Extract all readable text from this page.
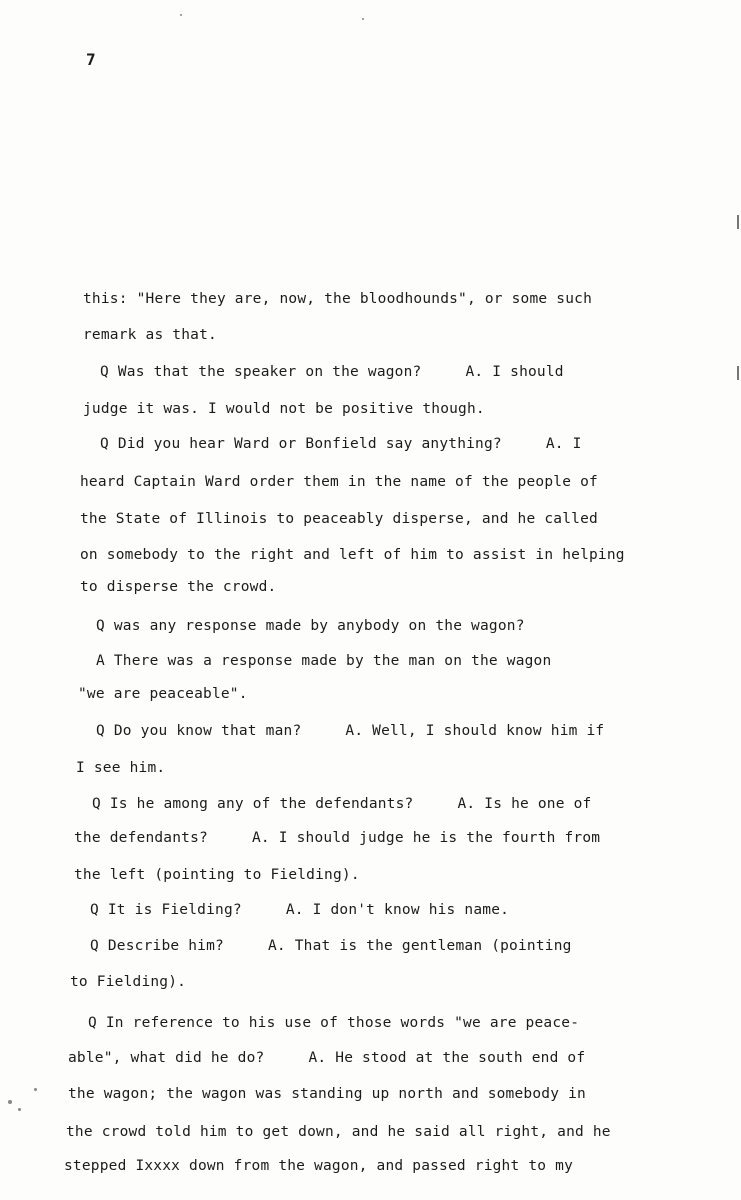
7
this: "Here they are, now, the bloodhounds", or some such
remark as that.
Q Was that the speaker on the wagon?	A. I should
judge it was. I would not be positive though.
Q Did you hear Ward or Bonfield say anything?	A. I
heard Captain Ward order them in the name of the people of
the State of Illinois to peaceably disperse, and he called
on somebody to the right and left of him to assist in helping
to disperse the crowd.
Q was any response made by anybody on the wagon?
A There was a response made by the man on the wagon
"we are peaceable".
Q Do you know that man?	A. Well, I should know him if
I see him.
Q Is he among any of the defendants?	A. Is he one of
the defendants?	A. I should judge he is the fourth from
the left (pointing to Fielding).
Q It is Fielding?	A. I don't know his name.
Q Describe him?	A. That is the gentleman (pointing
to Fielding).
Q In reference to his use of those words "we are peace-
able", what did he do?	A. He stood at the south end of
the wagon; the wagon was standing up north and somebody in
the crowd told him to get down, and he said all right, and he
stepped Ixxxx down from the wagon, and passed right to my
